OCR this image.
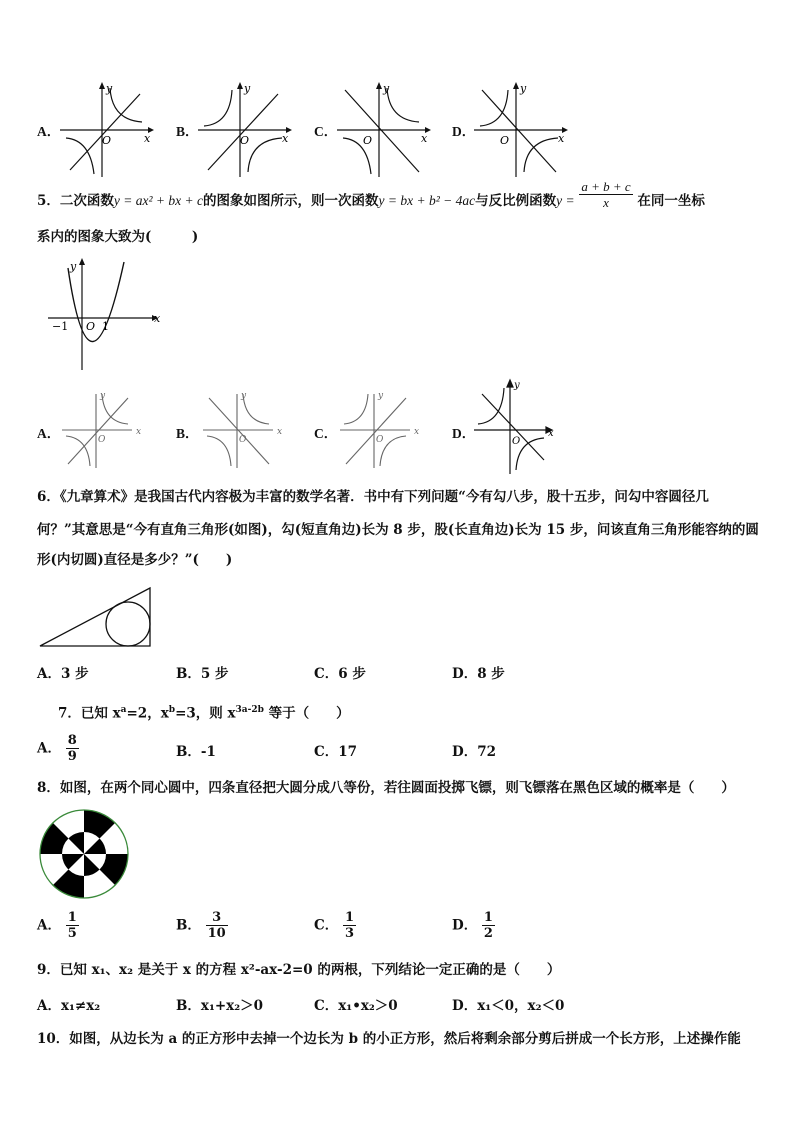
A．
y
x
O
B．
y
x
O
C．
y
x
O
D．
y
x
O
5．二次函数y = ax² + bx + c的图象如图所示，则一次函数y = bx + b² − 4ac与反比例函数$y = \frac{a + b + c}{x}$ 在同一坐标
系内的图象大致为(　　　)
y
x
O
−1	1
A．	x
y
O	B．	x
y
O	C．	x
y
O	D．
y
x
O
6．《九章算术》是我国古代内容极为丰富的数学名著．书中有下列问题“今有勾八步，股十五步，问勾中容圆径几
何？”其意思是“今有直角三角形(如图)，勾(短直角边)长为 8 步，股(长直角边)长为 15 步，问该直角三角形能容纳的圆
形(内切圆)直径是多少？”(　　)
A．3 步	B．5 步	C．6 步	D．8 步
7．已知 $x^a=2$，$x^b=3$，则 $x^{3a-2b}$ 等于（　　）
A． $\frac{8}{9}$	B．-1	C．17	D．72
8．如图，在两个同心圆中，四条直径把大圆分成八等份，若往圆面投掷飞镖，则飞镖落在黑色区域的概率是（　　）
A． $\frac{1}{5}$	B． $\frac{3}{10}$	C． $\frac{1}{3}$	D． $\frac{1}{2}$
9．已知 x₁、x₂ 是关于 x 的方程 x²-ax-2=0 的两根，下列结论一定正确的是（　　）
A．x₁≠x₂	B．x₁+x₂＞0	C．x₁•x₂＞0	D．x₁＜0，x₂＜0
10．如图，从边长为 a 的正方形中去掉一个边长为 b 的小正方形，然后将剩余部分剪后拼成一个长方形，上述操作能
